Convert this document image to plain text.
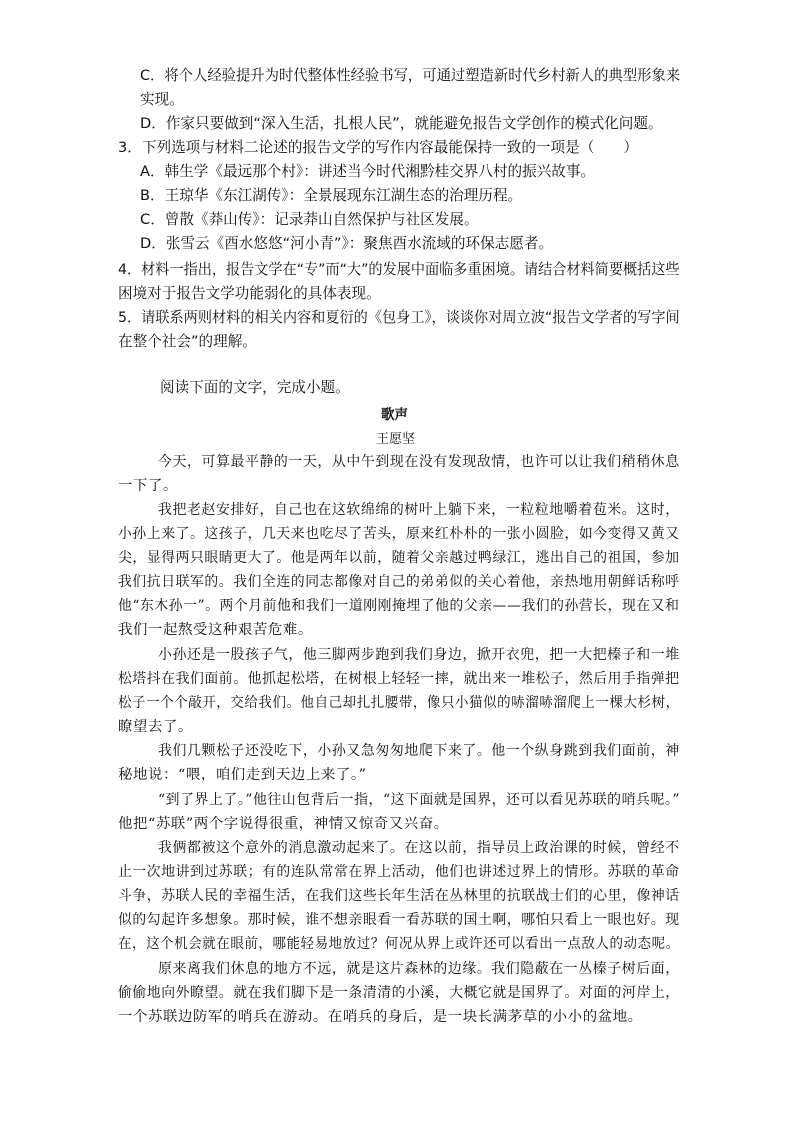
C．将个人经验提升为时代整体性经验书写，可通过塑造新时代乡村新人的典型形象来
实现。
D．作家只要做到“深入生活，扎根人民”，就能避免报告文学创作的模式化问题。
3．下列选项与材料二论述的报告文学的写作内容最能保持一致的一项是（　　）
A．韩生学《最远那个村》：讲述当今时代湘黔桂交界八村的振兴故事。
B．王琼华《东江湖传》：全景展现东江湖生态的治理历程。
C．曾散《莽山传》：记录莽山自然保护与社区发展。
D．张雪云《酉水悠悠“河小青”》：聚焦酉水流域的环保志愿者。
4．材料一指出，报告文学在“专”而“大”的发展中面临多重困境。请结合材料简要概括这些
困境对于报告文学功能弱化的具体表现。
5．请联系两则材料的相关内容和夏衍的《包身工》，谈谈你对周立波“报告文学者的写字间
在整个社会”的理解。
阅读下面的文字，完成小题。
歌声
王愿坚
今天，可算最平静的一天，从中午到现在没有发现敌情，也许可以让我们稍稍休息
一下了。
我把老赵安排好，自己也在这软绵绵的树叶上躺下来，一粒粒地嚼着苞米。这时，
小孙上来了。这孩子，几天来也吃尽了苦头，原来红朴朴的一张小圆脸，如今变得又黄又
尖，显得两只眼睛更大了。他是两年以前，随着父亲越过鸭绿江，逃出自己的祖国，参加
我们抗日联军的。我们全连的同志都像对自己的弟弟似的关心着他，亲热地用朝鲜话称呼
他“东木孙一”。两个月前他和我们一道刚刚掩埋了他的父亲——我们的孙营长，现在又和
我们一起熬受这种艰苦危难。
小孙还是一股孩子气，他三脚两步跑到我们身边，掀开衣兜，把一大把榛子和一堆
松塔抖在我们面前。他抓起松塔，在树根上轻轻一摔，就出来一堆松子，然后用手指弹把
松子一个个敲开，交给我们。他自己却扎扎腰带，像只小猫似的哧溜哧溜爬上一棵大杉树，
瞭望去了。
我们几颗松子还没吃下，小孙又急匆匆地爬下来了。他一个纵身跳到我们面前，神
秘地说：“喂，咱们走到天边上来了。”
“到了界上了。”他往山包背后一指，“这下面就是国界，还可以看见苏联的哨兵呢。”
他把“苏联”两个字说得很重，神情又惊奇又兴奋。
我俩都被这个意外的消息激动起来了。在这以前，指导员上政治课的时候，曾经不
止一次地讲到过苏联；有的连队常常在界上活动，他们也讲述过界上的情形。苏联的革命
斗争，苏联人民的幸福生活，在我们这些长年生活在丛林里的抗联战士们的心里，像神话
似的勾起许多想象。那时候，谁不想亲眼看一看苏联的国土啊，哪怕只看上一眼也好。现
在，这个机会就在眼前，哪能轻易地放过？何况从界上或许还可以看出一点敌人的动态呢。
原来离我们休息的地方不远，就是这片森林的边缘。我们隐蔽在一丛榛子树后面，
偷偷地向外瞭望。就在我们脚下是一条清清的小溪，大概它就是国界了。对面的河岸上，
一个苏联边防军的哨兵在游动。在哨兵的身后，是一块长满茅草的小小的盆地。
